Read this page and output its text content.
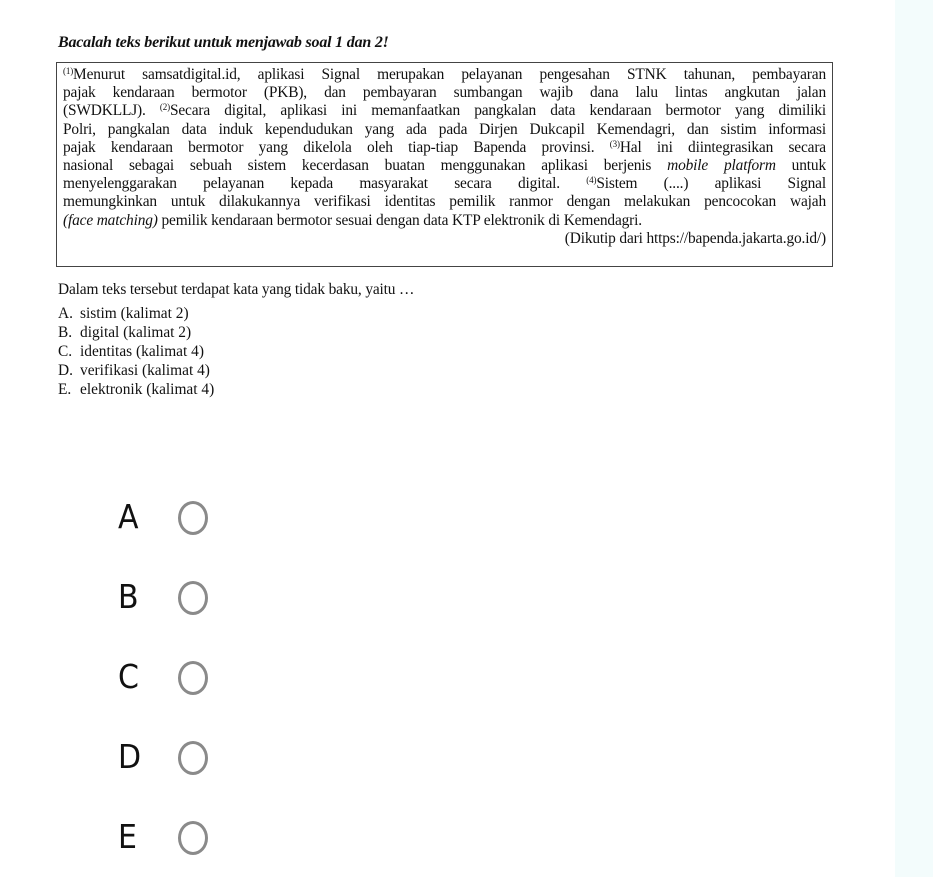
Bacalah teks berikut untuk menjawab soal 1 dan 2!
$^{(1)}$Menurut samsatdigital.id, aplikasi Signal merupakan pelayanan pengesahan STNK tahunan, pembayaran
pajak kendaraan bermotor (PKB), dan pembayaran sumbangan wajib dana lalu lintas angkutan jalan
(SWDKLLJ). $^{(2)}$Secara digital, aplikasi ini memanfaatkan pangkalan data kendaraan bermotor yang dimiliki
Polri, pangkalan data induk kependudukan yang ada pada Dirjen Dukcapil Kemendagri, dan sistim informasi
pajak kendaraan bermotor yang dikelola oleh tiap-tiap Bapenda provinsi. $^{(3)}$Hal ini diintegrasikan secara
nasional sebagai sebuah sistem kecerdasan buatan menggunakan aplikasi berjenis mobile platform untuk
menyelenggarakan pelayanan kepada masyarakat secara digital. $^{(4)}$Sistem (....) aplikasi Signal
memungkinkan untuk dilakukannya verifikasi identitas pemilik ranmor dengan melakukan pencocokan wajah
(face matching) pemilik kendaraan bermotor sesuai dengan data KTP elektronik di Kemendagri.
(Dikutip dari https://bapenda.jakarta.go.id/)
Dalam teks tersebut terdapat kata yang tidak baku, yaitu …
A. sistim (kalimat 2)
B. digital (kalimat 2)
C. identitas (kalimat 4)
D. verifikasi (kalimat 4)
E. elektronik (kalimat 4)
A
B
C
D
E
